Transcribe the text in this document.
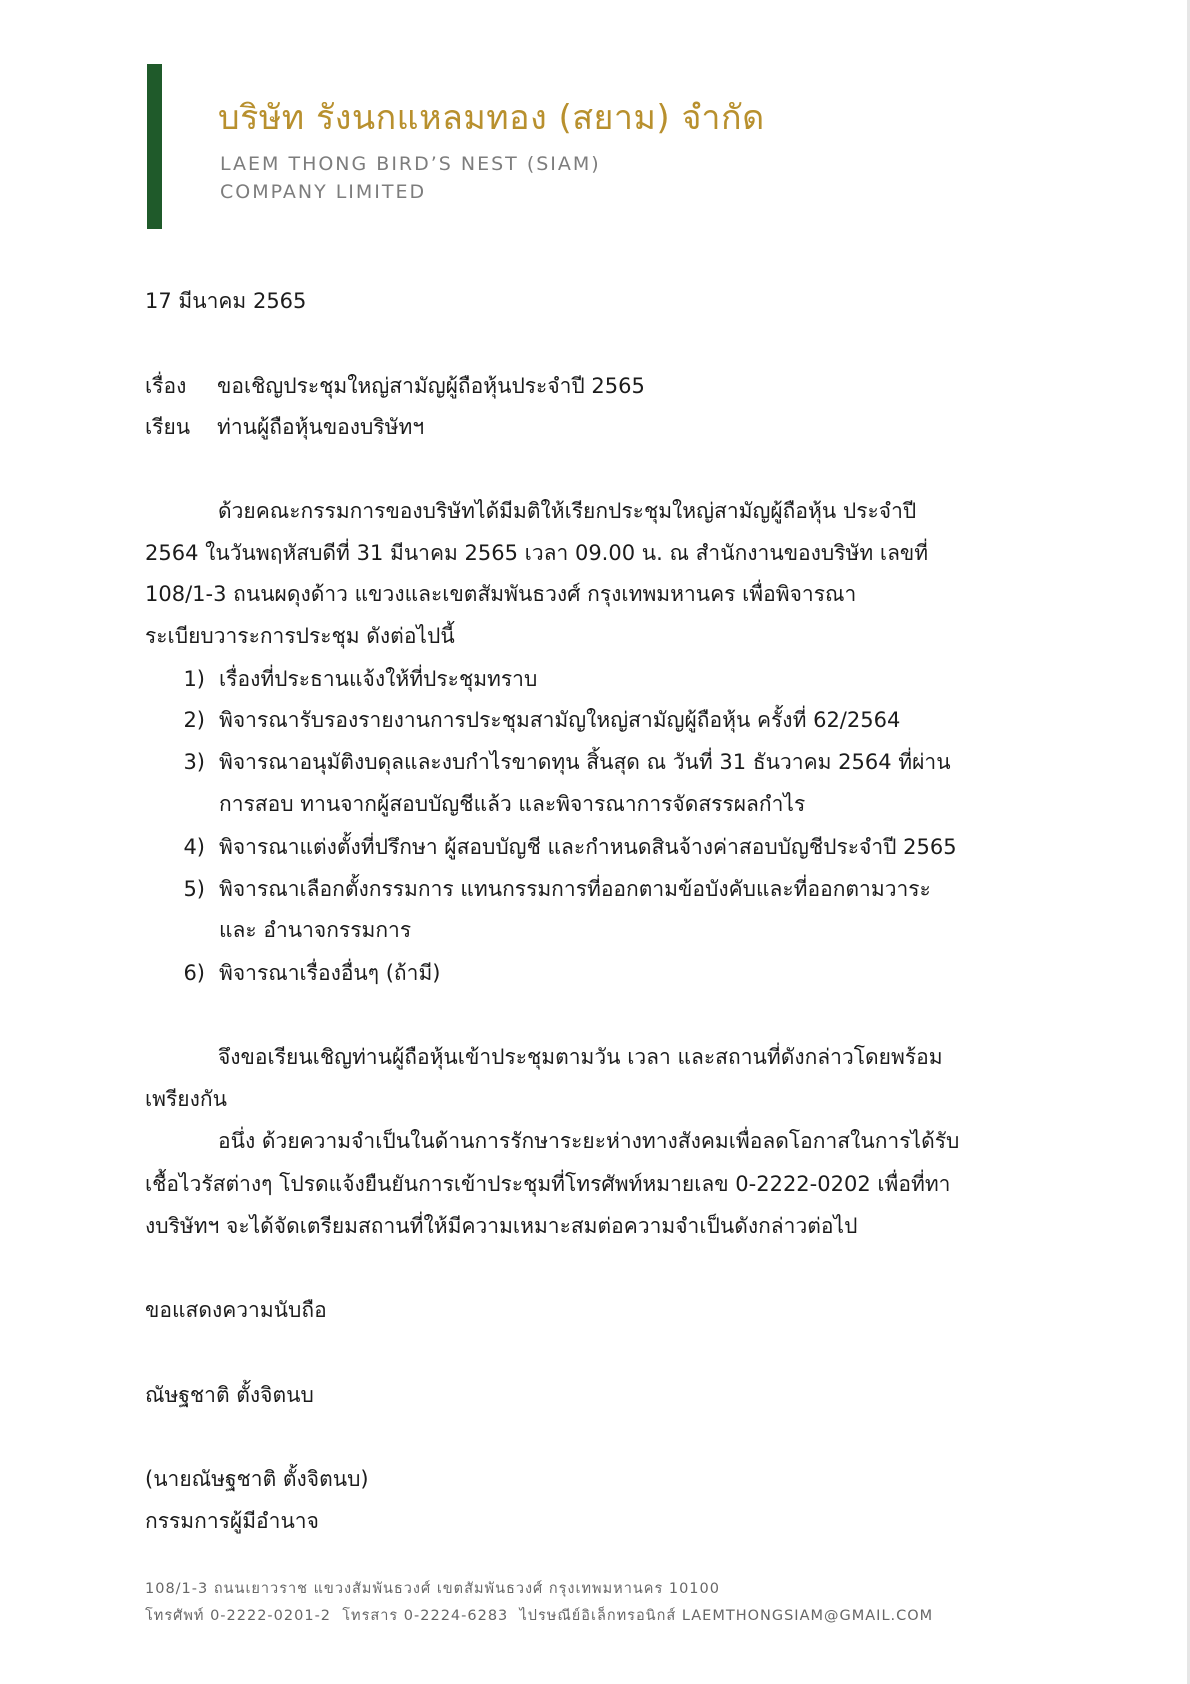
บริษัท รังนกแหลมทอง (สยาม) จำกัด
LAEM THONG BIRD’S NEST (SIAM)
COMPANY LIMITED
17 มีนาคม 2565
เรื่อง ขอเชิญประชุมใหญ่สามัญผู้ถือหุ้นประจำปี 2565
เรียน ท่านผู้ถือหุ้นของบริษัทฯ
ด้วยคณะกรรมการของบริษัทได้มีมติให้เรียกประชุมใหญ่สามัญผู้ถือหุ้น ประจำปี
2564 ในวันพฤหัสบดีที่ 31 มีนาคม 2565 เวลา 09.00 น. ณ สำนักงานของบริษัท เลขที่
108/1-3 ถนนผดุงด้าว แขวงและเขตสัมพันธวงศ์ กรุงเทพมหานคร เพื่อพิจารณา
ระเบียบวาระการประชุม ดังต่อไปนี้
1) เรื่องที่ประธานแจ้งให้ที่ประชุมทราบ
2) พิจารณารับรองรายงานการประชุมสามัญใหญ่สามัญผู้ถือหุ้น ครั้งที่ 62/2564
3) พิจารณาอนุมัติงบดุลและงบกำไรขาดทุน สิ้นสุด ณ วันที่ 31 ธันวาคม 2564 ที่ผ่าน
การสอบ ทานจากผู้สอบบัญชีแล้ว และพิจารณาการจัดสรรผลกำไร
4) พิจารณาแต่งตั้งที่ปรึกษา ผู้สอบบัญชี และกำหนดสินจ้างค่าสอบบัญชีประจำปี 2565
5) พิจารณาเลือกตั้งกรรมการ แทนกรรมการที่ออกตามข้อบังคับและที่ออกตามวาระ
และ อำนาจกรรมการ
6) พิจารณาเรื่องอื่นๆ (ถ้ามี)
จึงขอเรียนเชิญท่านผู้ถือหุ้นเข้าประชุมตามวัน เวลา และสถานที่ดังกล่าวโดยพร้อม
เพรียงกัน
อนึ่ง ด้วยความจำเป็นในด้านการรักษาระยะห่างทางสังคมเพื่อลดโอกาสในการได้รับ
เชื้อไวรัสต่างๆ โปรดแจ้งยืนยันการเข้าประชุมที่โทรศัพท์หมายเลข 0-2222-0202 เพื่อที่ทา
งบริษัทฯ จะได้จัดเตรียมสถานที่ให้มีความเหมาะสมต่อความจำเป็นดังกล่าวต่อไป
ขอแสดงความนับถือ
ณัษฐชาติ ตั้งจิตนบ
(นายณัษฐชาติ ตั้งจิตนบ)
กรรมการผู้มีอำนาจ
108/1-3 ถนนเยาวราช แขวงสัมพันธวงศ์ เขตสัมพันธวงศ์ กรุงเทพมหานคร 10100
โทรศัพท์ 0-2222-0201-2 โทรสาร 0-2224-6283 ไปรษณีย์อิเล็กทรอนิกส์ LAEMTHONGSIAM@GMAIL.COM
